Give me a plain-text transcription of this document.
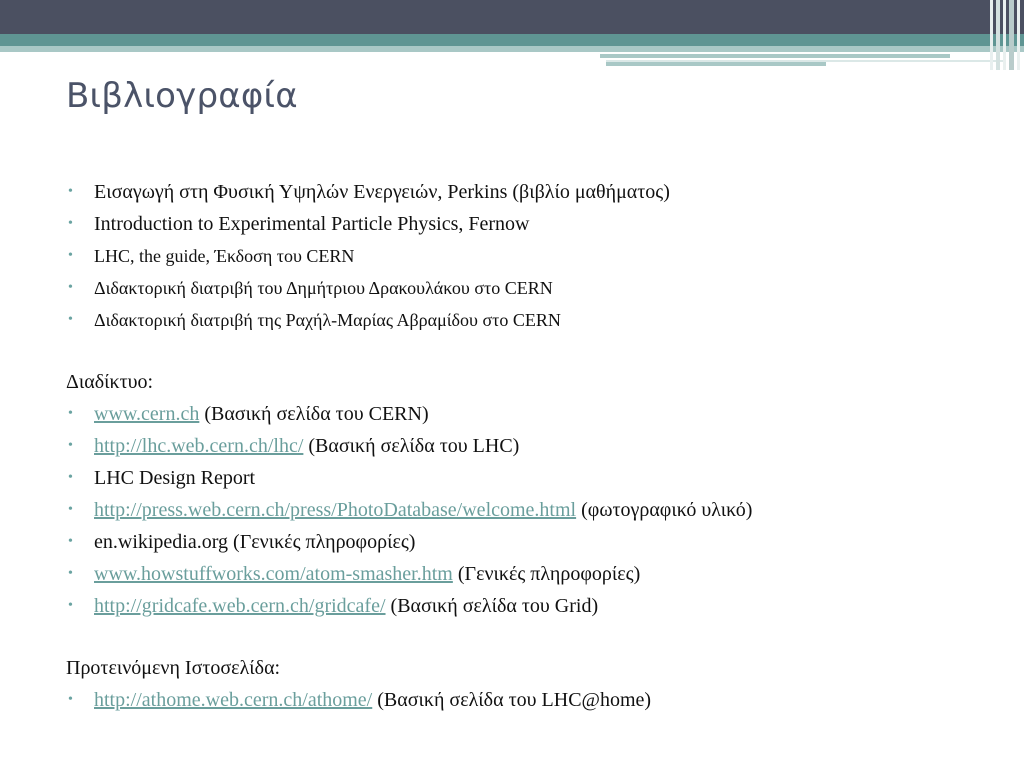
Βιβλιογραφία
• Εισαγωγή στη Φυσική Υψηλών Ενεργειών, Perkins (βιβλίο μαθήματος)
• Introduction to Experimental Particle Physics, Fernow
• LHC, the guide, Έκδοση του CERN
• Διδακτορική διατριβή του Δημήτριου Δρακουλάκου στο CERN
• Διδακτορική διατριβή της Ραχήλ-Μαρίας Αβραμίδου στο CERN

Διαδίκτυο:

• www.cern.ch (Βασική σελίδα του CERN)
• http://lhc.web.cern.ch/lhc/ (Βασική σελίδα του LHC)
• LHC Design Report
• http://press.web.cern.ch/press/PhotoDatabase/welcome.html (φωτογραφικό υλικό)
• en.wikipedia.org (Γενικές πληροφορίες)
• www.howstuffworks.com/atom-smasher.htm (Γενικές πληροφορίες)
• http://gridcafe.web.cern.ch/gridcafe/ (Βασική σελίδα του Grid)

Προτεινόμενη Ιστοσελίδα:

• http://athome.web.cern.ch/athome/ (Βασική σελίδα του LHC@home)
